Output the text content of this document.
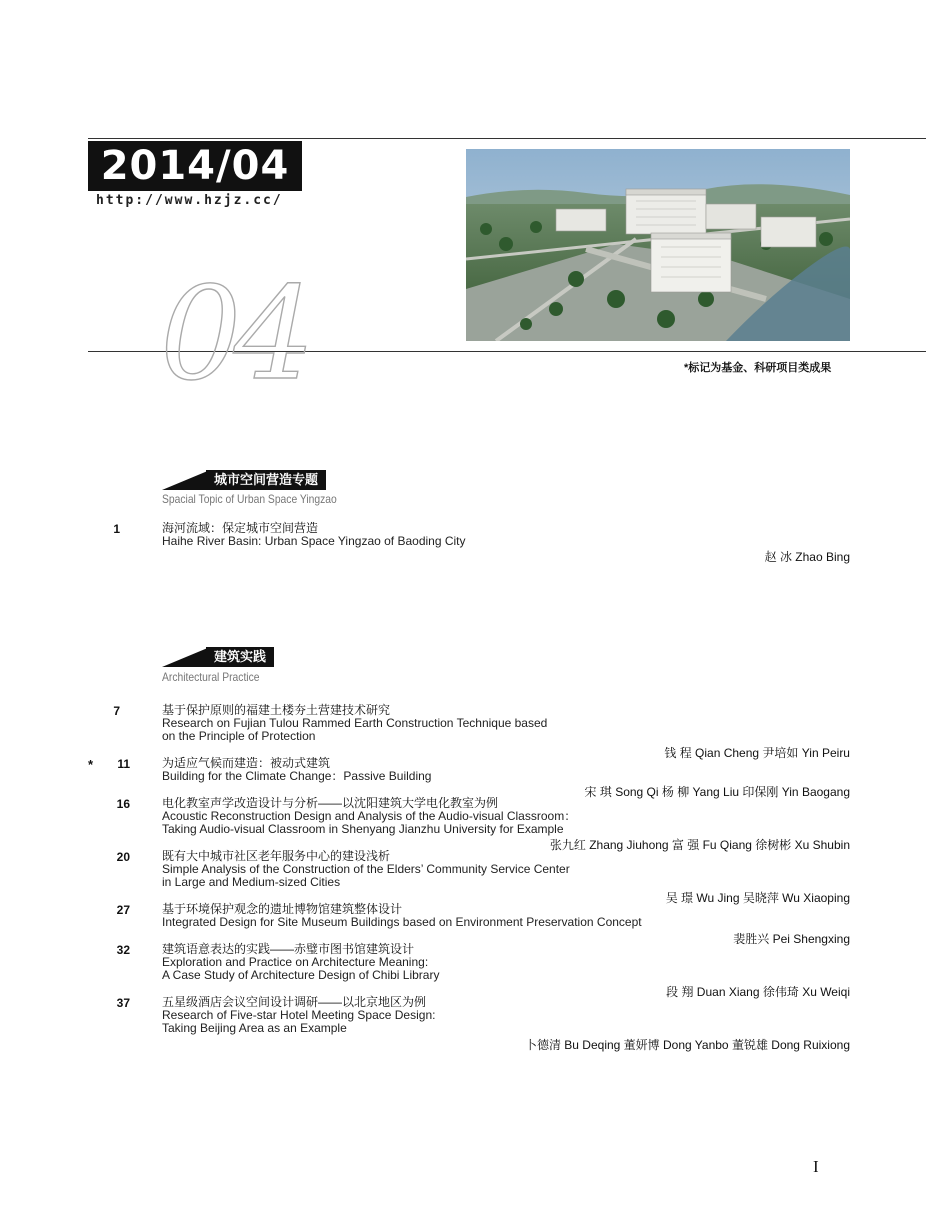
2014/04
http://www.hzjz.cc/
04	*标记为基金、科研项目类成果
城市空间营造专题
Spacial Topic of Urban Space Yingzao
1	海河流域：保定城市空间营造
Haihe River Basin: Urban Space Yingzao of Baoding City
赵 冰 Zhao Bing
建筑实践
Architectural Practice
7	基于保护原则的福建土楼夯土营建技术研究
Research on Fujian Tulou Rammed Earth Construction Technique based
on the Principle of Protection
钱 程 Qian Cheng 尹培如 Yin Peiru
*	11	为适应气候而建造：被动式建筑
Building for the Climate Change：Passive Building
宋 琪 Song Qi 杨 柳 Yang Liu 印保刚 Yin Baogang
16	电化教室声学改造设计与分析——以沈阳建筑大学电化教室为例
Acoustic Reconstruction Design and Analysis of the Audio-visual Classroom：
Taking Audio-visual Classroom in Shenyang Jianzhu University for Example
张九红 Zhang Jiuhong 富 强 Fu Qiang 徐树彬 Xu Shubin
20	既有大中城市社区老年服务中心的建设浅析
Simple Analysis of the Construction of the Elders’ Community Service Center
in Large and Medium-sized Cities
吴 璟 Wu Jing 吴晓萍 Wu Xiaoping
27	基于环境保护观念的遗址博物馆建筑整体设计
Integrated Design for Site Museum Buildings based on Environment Preservation Concept
裴胜兴 Pei Shengxing
32	建筑语意表达的实践——赤璧市图书馆建筑设计
Exploration and Practice on Architecture Meaning:
A Case Study of Architecture Design of Chibi Library
段 翔 Duan Xiang 徐伟琦 Xu Weiqi
37	五星级酒店会议空间设计调研——以北京地区为例
Research of Five-star Hotel Meeting Space Design:
Taking Beijing Area as an Example
卜德清 Bu Deqing 董妍博 Dong Yanbo 董锐雄 Dong Ruixiong
I
